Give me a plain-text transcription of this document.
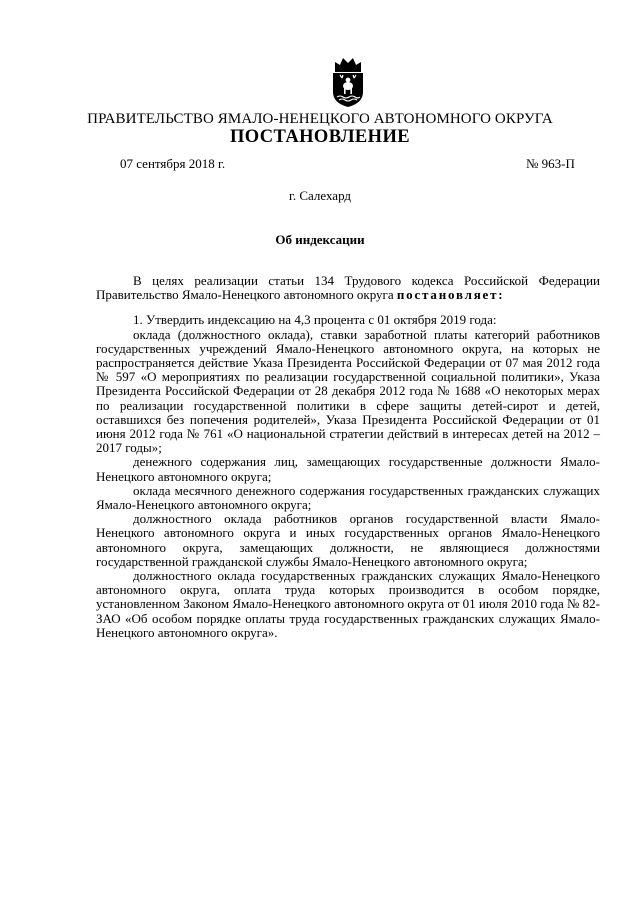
ПРАВИТЕЛЬСТВО ЯМАЛО-НЕНЕЦКОГО АВТОНОМНОГО ОКРУГА
ПОСТАНОВЛЕНИЕ
07 сентября 2018 г.	№ 963-П
г. Салехард
Об индексации

В целях реализации статьи 134 Трудового кодекса Российской Федерации Правительство Ямало-Ненецкого автономного округа постановляет:

1. Утвердить индексацию на 4,3 процента с 01 октября 2019 года:

оклада (должностного оклада), ставки заработной платы категорий работников государственных учреждений Ямало-Ненецкого автономного округа, на которых не распространяется действие Указа Президента Российской Федерации от 07 мая 2012 года № 597 «О мероприятиях по реализации государственной социальной политики», Указа Президента Российской Федерации от 28 декабря 2012 года № 1688 «О некоторых мерах по реализации государственной политики в сфере защиты детей-сирот и детей, оставшихся без попечения родителей», Указа Президента Российской Федерации от 01 июня 2012 года № 761 «О национальной стратегии действий в интересах детей на 2012 – 2017 годы»;

денежного содержания лиц, замещающих государственные должности Ямало-Ненецкого автономного округа;

оклада месячного денежного содержания государственных гражданских служащих Ямало-Ненецкого автономного округа;

должностного оклада работников органов государственной власти Ямало-Ненецкого автономного округа и иных государственных органов Ямало-Ненецкого автономного округа, замещающих должности, не являющиеся должностями государственной гражданской службы Ямало-Ненецкого автономного округа;

должностного оклада государственных гражданских служащих Ямало-Ненецкого автономного округа, оплата труда которых производится в особом порядке, установленном Законом Ямало-Ненецкого автономного округа от 01 июля 2010 года № 82-ЗАО «Об особом порядке оплаты труда государственных гражданских служащих Ямало-Ненецкого автономного округа».
